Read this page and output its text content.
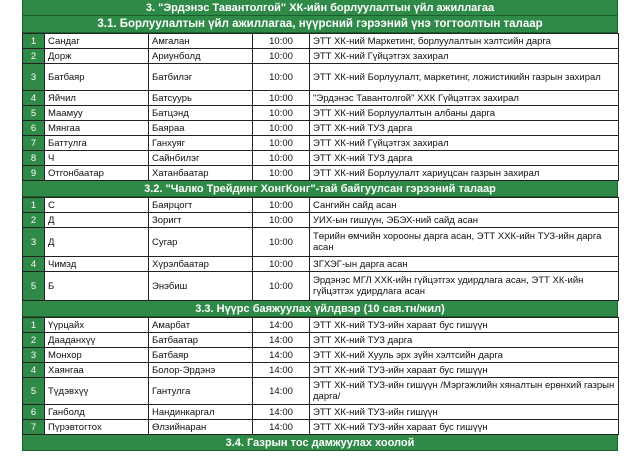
3. "Эрдэнэс Тавантолгой" ХК-ийн борлуулалтын үйл ажиллагаа
3.1. Борлуулалтын үйл ажиллагаа, нүүрсний гэрээний үнэ тогтоолтын талаар
1	Сандаг	Амгалан	10:00	ЭТТ ХК-ний Маркетинг, борлуулалтын хэлтсийн дарга
2	Дорж	Ариунболд	10:00	ЭТТ ХК-ний Гүйцэтгэх захирал
3	Батбаяр	Батбилэг	10:00	ЭТТ ХК-ний Борлуулалт, маркетинг, ложистикийн газрын захирал
4	Яйчил	Батсуурь	10:00	"Эрдэнэс Тавантолгой" ХХК Гүйцэтгэх захирал
5	Маамуу	Батцэнд	10:00	ЭТТ ХК-ний Борлуулалтын албаны дарга
6	Мянгаа	Баяраа	10:00	ЭТТ ХК-ний ТУЗ дарга
7	Баттулга	Ганхуяг	10:00	ЭТТ ХК-ний Гүйцэтгэх захирал
8	Ч	Сайнбилэг	10:00	ЭТТ ХК-ний ТУЗ дарга
9	Отгонбаатар	Хатанбаатар	10:00	ЭТТ ХК-ний Борлуулалт хариуцсан газрын захирал
3.2. "Чалко Трейдинг ХонгКонг"-тай байгуулсан гэрээний талаар
1	С	Баярцогт	10:00	Сангийн сайд асан
2	Д	Зоригт	10:00	УИХ-ын гишүүн, ЭБЭХ-ний сайд асан
3	Д	Сугар	10:00	Төрийн өмчийн хорооны дарга асан, ЭТТ ХХК-ийн ТУЗ-ийн дарга асан
4	Чимэд	Хүрэлбаатар	10:00	ЗГХЭГ-ын дарга асан
5	Б	Энэбиш	10:00	Эрдэнэс МГЛ ХХК-ийн гүйцэтгэх удирдлага асан, ЭТТ ХК-ийн гүйцэтгэх удирдлага асан
3.3. Нүүрс баяжуулах үйлдвэр (10 сая.тн/жил)
1	Үүрцайх	Амарбат	14:00	ЭТТ ХК-ний ТУЗ-ийн хараат бус гишүүн
2	Дааданхүү	Батбаатар	14:00	ЭТТ ХК-ний ТУЗ дарга
3	Монхор	Батбаяр	14:00	ЭТТ ХК-ний Хууль эрх зүйн хэлтсийн дарга
4	Хаянгаа	Болор-Эрдэнэ	14:00	ЭТТ ХК-ний ТУЗ-ийн хараат бус гишүүн
5	Түдэвхүү	Гантулга	14:00	ЭТТ ХК-ний ТУЗ-ийн гишүүн /Мэргэжлийн хяналтын ерөнхий газрын дарга/
6	Ганболд	Нандинкаргал	14:00	ЭТТ ХК-ний ТУЗ-ийн гишүүн
7	Пүрэвтогтох	Өлзийнаран	14:00	ЭТТ ХК-ний ТУЗ-ийн хараат бус гишүүн
3.4. Газрын тос дамжуулах хоолой
